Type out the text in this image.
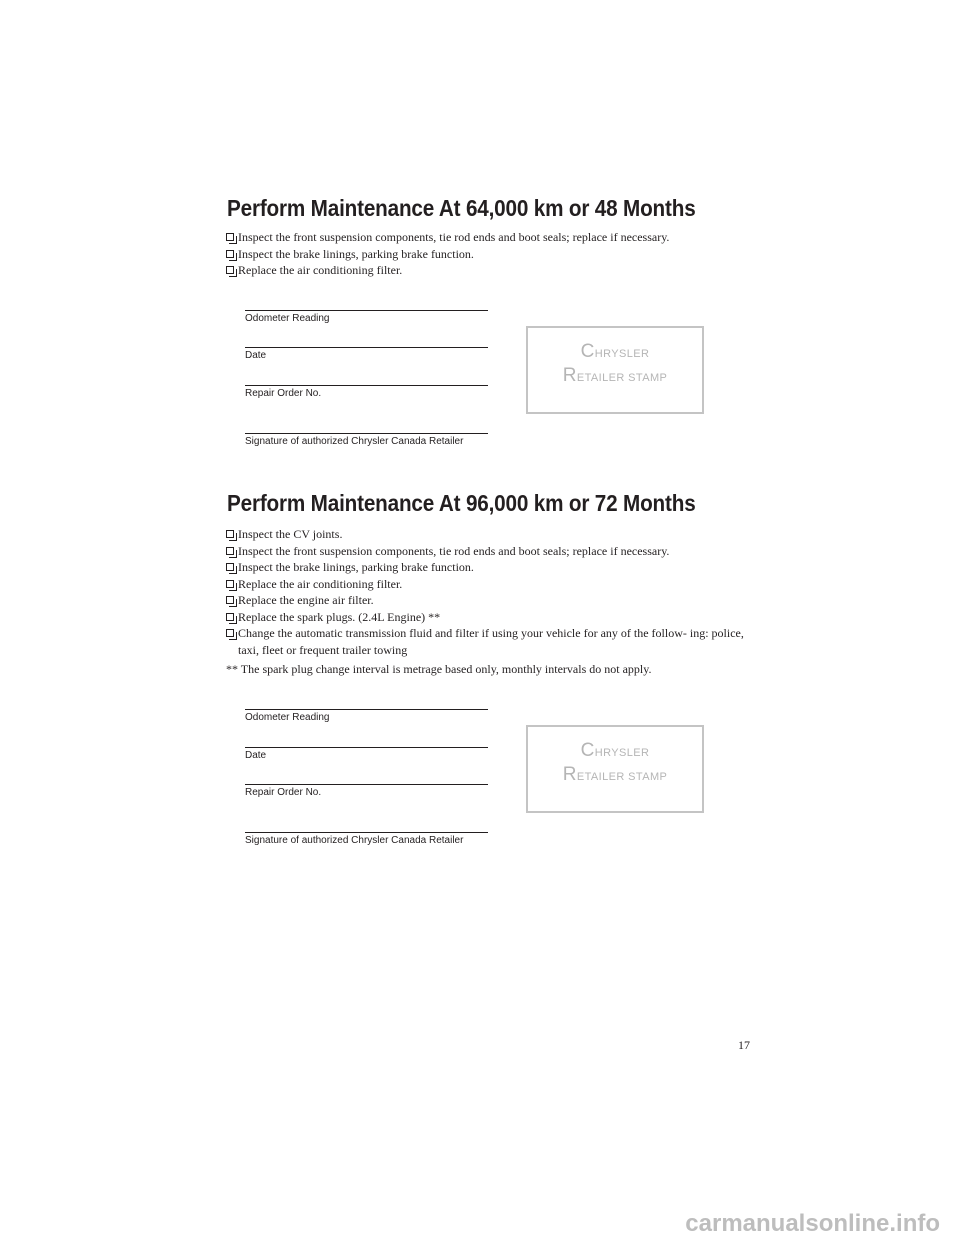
Perform Maintenance At 64,000 km or 48 Months
Inspect the front suspension components, tie rod ends and boot seals; replace if necessary.
Inspect the brake linings, parking brake function.
Replace the air conditioning filter.
Odometer Reading
Date
Repair Order No.
Signature of authorized Chrysler Canada Retailer
CHRYSLER
RETAILER STAMP
Perform Maintenance At 96,000 km or 72 Months
Inspect the CV joints.
Inspect the front suspension components, tie rod ends and boot seals; replace if necessary.
Inspect the brake linings, parking brake function.
Replace the air conditioning filter.
Replace the engine air filter.
Replace the spark plugs. (2.4L Engine) **
Change the automatic transmission fluid and filter if using your vehicle for any of the follow- ing: police, taxi, fleet or frequent trailer towing

** The spark plug change interval is metrage based only, monthly intervals do not apply.

Odometer Reading
Date
Repair Order No.
Signature of authorized Chrysler Canada Retailer
CHRYSLER
RETAILER STAMP
17
carmanualsonline.info
